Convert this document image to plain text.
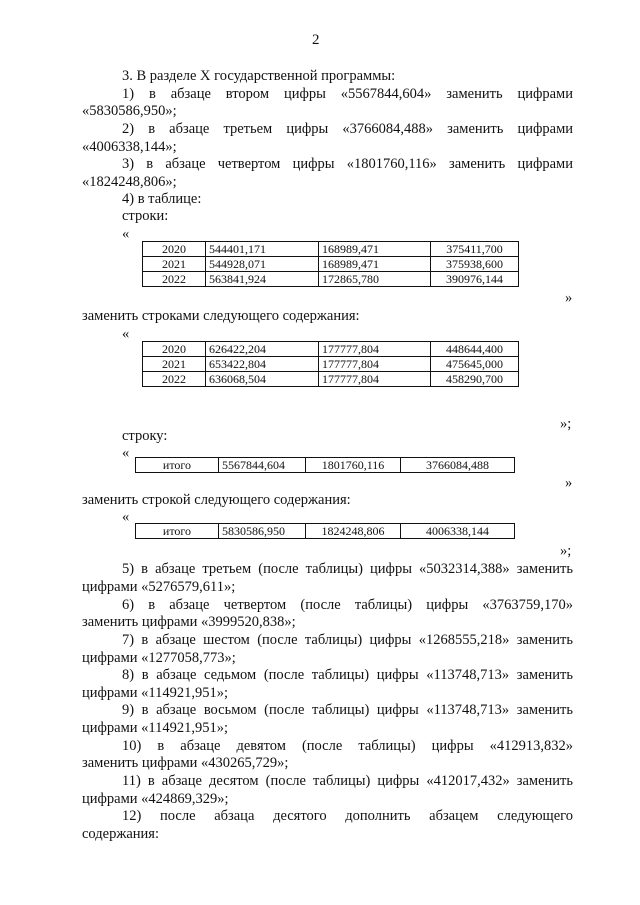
2
3. В разделе X государственной программы:
1) в абзаце втором цифры «5567844,604» заменить цифрами
«5830586,950»;
2) в абзаце третьем цифры «3766084,488» заменить цифрами
«4006338,144»;
3) в абзаце четвертом цифры «1801760,116» заменить цифрами
«1824248,806»;
4) в таблице:
строки:
«
2020	544401,171	168989,471	375411,700
2021	544928,071	168989,471	375938,600
2022	563841,924	172865,780	390976,144
»
заменить строками следующего содержания:
«
2020	626422,204	177777,804	448644,400
2021	653422,804	177777,804	475645,000
2022	636068,504	177777,804	458290,700
»;
строку:
«
итого	5567844,604	1801760,116	3766084,488
»
заменить строкой следующего содержания:
«
итого	5830586,950	1824248,806	4006338,144
»;
5) в абзаце третьем (после таблицы) цифры «5032314,388» заменить
цифрами «5276579,611»;
6) в абзаце четвертом (после таблицы) цифры «3763759,170»
заменить цифрами «3999520,838»;
7) в абзаце шестом (после таблицы) цифры «1268555,218» заменить
цифрами «1277058,773»;
8) в абзаце седьмом (после таблицы) цифры «113748,713» заменить
цифрами «114921,951»;
9) в абзаце восьмом (после таблицы) цифры «113748,713» заменить
цифрами «114921,951»;
10) в абзаце девятом (после таблицы) цифры «412913,832»
заменить цифрами «430265,729»;
11) в абзаце десятом (после таблицы) цифры «412017,432» заменить
цифрами «424869,329»;
12) после абзаца десятого дополнить абзацем следующего
содержания:
